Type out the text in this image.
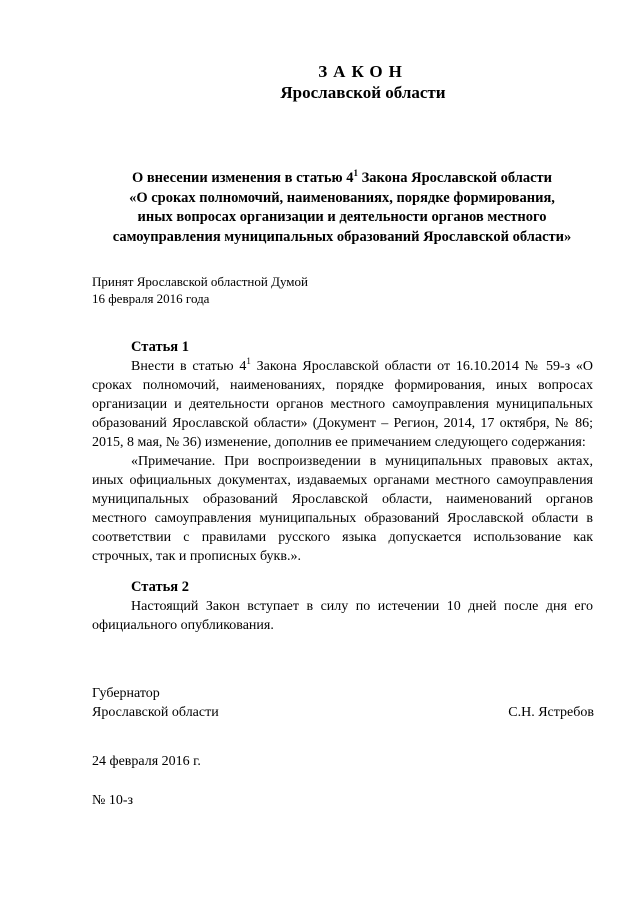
ЗАКОН
Ярославской области
О внесении изменения в статью $4^1$ Закона Ярославской области
«О сроках полномочий, наименованиях, порядке формирования,
иных вопросах организации и деятельности органов местного
самоуправления муниципальных образований Ярославской области»
Принят Ярославской областной Думой
16 февраля 2016 года
Статья 1

Внести в статью $4^1$ Закона Ярославской области от 16.10.2014 № 59-з «О сроках полномочий, наименованиях, порядке формирования, иных вопросах организации и деятельности органов местного самоуправления муниципальных образований Ярославской области» (Документ – Регион, 2014, 17 октября, № 86; 2015, 8 мая, № 36) изменение, дополнив ее примечанием следующего содержания:

«Примечание. При воспроизведении в муниципальных правовых актах, иных официальных документах, издаваемых органами местного самоуправления муниципальных образований Ярославской области, наименований органов местного самоуправления муниципальных образований Ярославской области в соответствии с правилами русского языка допускается использование как строчных, так и прописных букв.».

Статья 2

Настоящий Закон вступает в силу по истечении 10 дней после дня его официального опубликования.

Губернатор
Ярославской области	С.Н. Ястребов
24 февраля 2016 г.
№ 10-з
